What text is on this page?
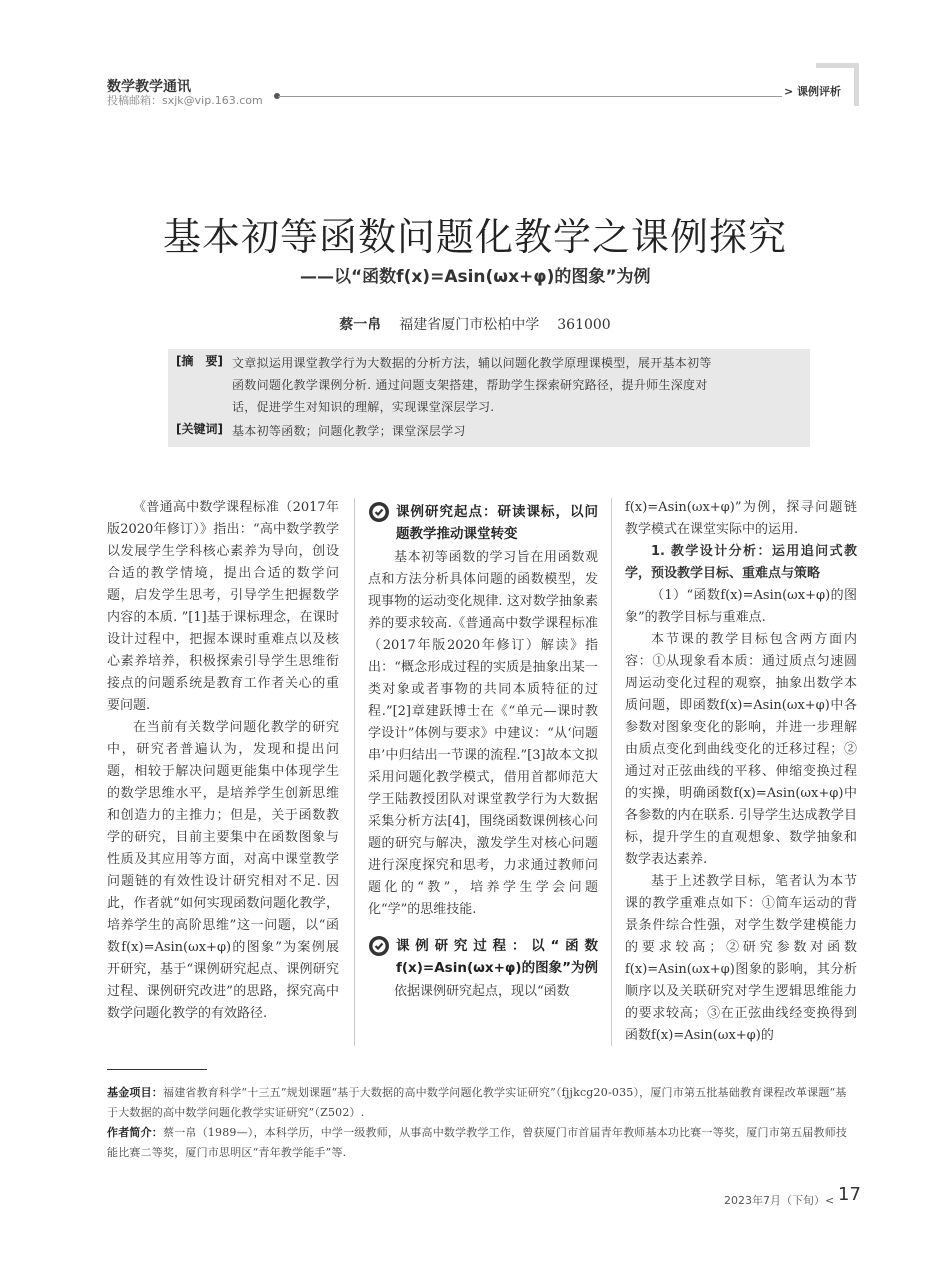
数学教学通讯
投稿邮箱：sxjk@vip.163.com
> 课例评析
基本初等函数问题化教学之课例探究
——以“函数f(x)=Asin(ωx+φ)的图象”为例
蔡一帛 福建省厦门市松柏中学 361000
[摘　要] 文章拟运用课堂教学行为大数据的分析方法，辅以问题化教学原理课模型，展开基本初等
函数问题化教学课例分析. 通过问题支架搭建，帮助学生探索研究路径，提升师生深度对
话，促进学生对知识的理解，实现课堂深层学习.
[关键词] 基本初等函数；问题化教学；课堂深层学习

《普通高中数学课程标准（2017年版2020年修订）》指出：“高中数学教学以发展学生学科核心素养为导向，创设合适的教学情境，提出合适的数学问题，启发学生思考，引导学生把握数学内容的本质. ”[1]基于课标理念，在课时设计过程中，把握本课时重难点以及核心素养培养，积极探索引导学生思维衔接点的问题系统是教育工作者关心的重要问题.

在当前有关数学问题化教学的研究中，研究者普遍认为，发现和提出问题，相较于解决问题更能集中体现学生的数学思维水平，是培养学生创新思维和创造力的主推力；但是，关于函数教学的研究，目前主要集中在函数图象与性质及其应用等方面，对高中课堂教学问题链的有效性设计研究相对不足. 因此，作者就“如何实现函数问题化教学，培养学生的高阶思维”这一问题，以“函数f(x)=Asin(ωx+φ)的图象”为案例展开研究，基于“课例研究起点、课例研究过程、课例研究改进”的思路，探究高中数学问题化教学的有效路径.

课例研究起点：研读课标，以问题教学推动课堂转变

基本初等函数的学习旨在用函数观点和方法分析具体问题的函数模型，发现事物的运动变化规律. 这对数学抽象素养的要求较高.《普通高中数学课程标准（2017年版2020年修订）解读》指出：“概念形成过程的实质是抽象出某一类对象或者事物的共同本质特征的过程.”[2]章建跃博士在《“单元—课时教学设计”体例与要求》中建议：“从‘问题串’中归结出一节课的流程.”[3]故本文拟采用问题化教学模式，借用首都师范大学王陆教授团队对课堂教学行为大数据采集分析方法[4]，围绕函数课例核心问题的研究与解决，激发学生对核心问题进行深度探究和思考，力求通过教师问题化的“教”，培养学生学会问题化“学”的思维技能.

课例研究过程：以“函数f(x)=Asin(ωx+φ)的图象”为例

依据课例研究起点，现以“函数

f(x)=Asin(ωx+φ)”为例，探寻问题链教学模式在课堂实际中的运用.

1. 教学设计分析：运用追问式教学，预设教学目标、重难点与策略

（1）“函数f(x)=Asin(ωx+φ)的图象”的教学目标与重难点.

本节课的教学目标包含两方面内容：①从现象看本质：通过质点匀速圆周运动变化过程的观察，抽象出数学本质问题，即函数f(x)=Asin(ωx+φ)中各参数对图象变化的影响，并进一步理解由质点变化到曲线变化的迁移过程；②通过对正弦曲线的平移、伸缩变换过程的实操，明确函数f(x)=Asin(ωx+φ)中各参数的内在联系. 引导学生达成教学目标，提升学生的直观想象、数学抽象和数学表达素养.

基于上述教学目标，笔者认为本节课的教学重难点如下：①简车运动的背景条件综合性强，对学生数学建模能力的要求较高；②研究参数对函数f(x)=Asin(ωx+φ)图象的影响，其分析顺序以及关联研究对学生逻辑思维能力的要求较高；③在正弦曲线经变换得到函数f(x)=Asin(ωx+φ)的

基金项目：福建省教育科学“十三五”规划课题“基于大数据的高中数学问题化教学实证研究”（fjjkcg20-035），厦门市第五批基础教育课程改革课题“基于大数据的高中数学问题化教学实证研究”（Z502）.
作者简介：蔡一帛（1989—），本科学历，中学一级教师，从事高中数学教学工作，曾获厦门市首届青年教师基本功比赛一等奖，厦门市第五届教师技能比赛二等奖，厦门市思明区“青年教学能手”等.
2023年7月（下旬）< 17
